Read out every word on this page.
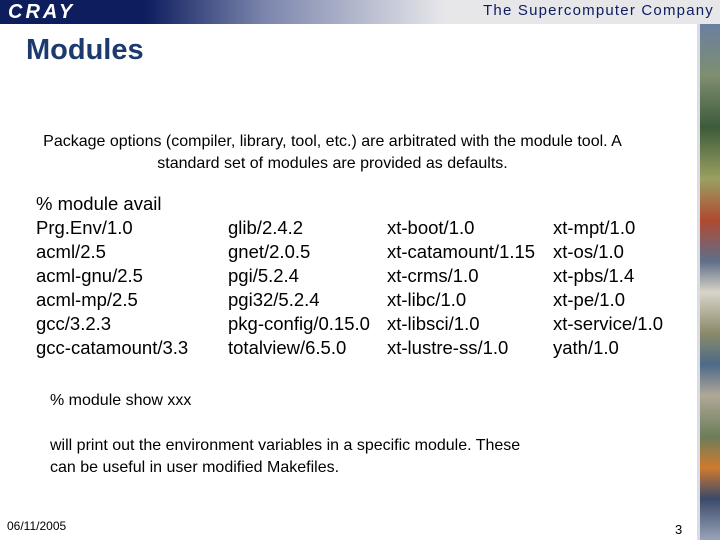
CRAY	The Supercomputer Company
Modules
Package options (compiler, library, tool, etc.) are arbitrated with the module tool. A
standard set of modules are provided as defaults.
% module avail
Prg.Env/1.0
acml/2.5
acml-gnu/2.5
acml-mp/2.5
gcc/3.2.3
gcc-catamount/3.3
glib/2.4.2
gnet/2.0.5
pgi/5.2.4
pgi32/5.2.4
pkg-config/0.15.0
totalview/6.5.0
xt-boot/1.0
xt-catamount/1.15
xt-crms/1.0
xt-libc/1.0
xt-libsci/1.0
xt-lustre-ss/1.0
xt-mpt/1.0
xt-os/1.0
xt-pbs/1.4
xt-pe/1.0
xt-service/1.0
yath/1.0
% module show xxx
will print out the environment variables in a specific module. These
can be useful in user modified Makefiles.
06/11/2005	3
